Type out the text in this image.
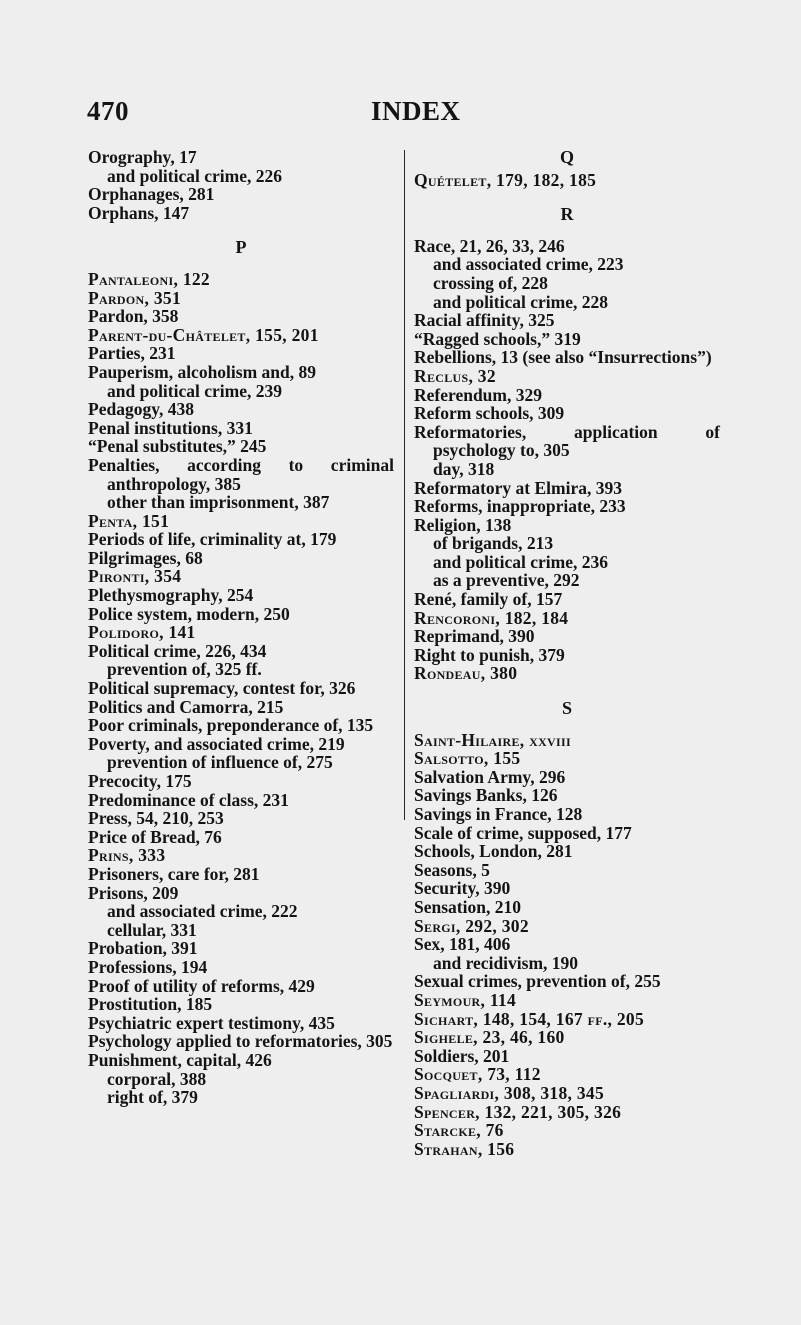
470	INDEX

Orography, 17

and political crime, 226

Orphanages, 281

Orphans, 147

P

Pantaleoni, 122

Pardon, 351

Pardon, 358

Parent-du-Châtelet, 155, 201

Parties, 231

Pauperism, alcoholism and, 89

and political crime, 239

Pedagogy, 438

Penal institutions, 331

“Penal substitutes,” 245

Penalties, according to criminal anthropology, 385

other than imprisonment, 387

Penta, 151

Periods of life, criminality at, 179

Pilgrimages, 68

Pironti, 354

Plethysmography, 254

Police system, modern, 250

Polidoro, 141

Political crime, 226, 434

prevention of, 325 ff.

Political supremacy, contest for, 326

Politics and Camorra, 215

Poor criminals, preponderance of, 135

Poverty, and associated crime, 219

prevention of influence of, 275

Precocity, 175

Predominance of class, 231

Press, 54, 210, 253

Price of Bread, 76

Prins, 333

Prisoners, care for, 281

Prisons, 209

and associated crime, 222

cellular, 331

Probation, 391

Professions, 194

Proof of utility of reforms, 429

Prostitution, 185

Psychiatric expert testimony, 435

Psychology applied to reformatories, 305

Punishment, capital, 426

corporal, 388

right of, 379

Q

Quételet, 179, 182, 185

R

Race, 21, 26, 33, 246

and associated crime, 223

crossing of, 228

and political crime, 228

Racial affinity, 325

“Ragged schools,” 319

Rebellions, 13 (see also “Insurrections”)

Reclus, 32

Referendum, 329

Reform schools, 309

Reformatories, application of psychology to, 305

day, 318

Reformatory at Elmira, 393

Reforms, inappropriate, 233

Religion, 138

of brigands, 213

and political crime, 236

as a preventive, 292

René, family of, 157

Rencoroni, 182, 184

Reprimand, 390

Right to punish, 379

Rondeau, 380

S

Saint-Hilaire, xxviii

Salsotto, 155

Salvation Army, 296

Savings Banks, 126

Savings in France, 128

Scale of crime, supposed, 177

Schools, London, 281

Seasons, 5

Security, 390

Sensation, 210

Sergi, 292, 302

Sex, 181, 406

and recidivism, 190

Sexual crimes, prevention of, 255

Seymour, 114

Sichart, 148, 154, 167 ff., 205

Sighele, 23, 46, 160

Soldiers, 201

Socquet, 73, 112

Spagliardi, 308, 318, 345

Spencer, 132, 221, 305, 326

Starcke, 76

Strahan, 156
